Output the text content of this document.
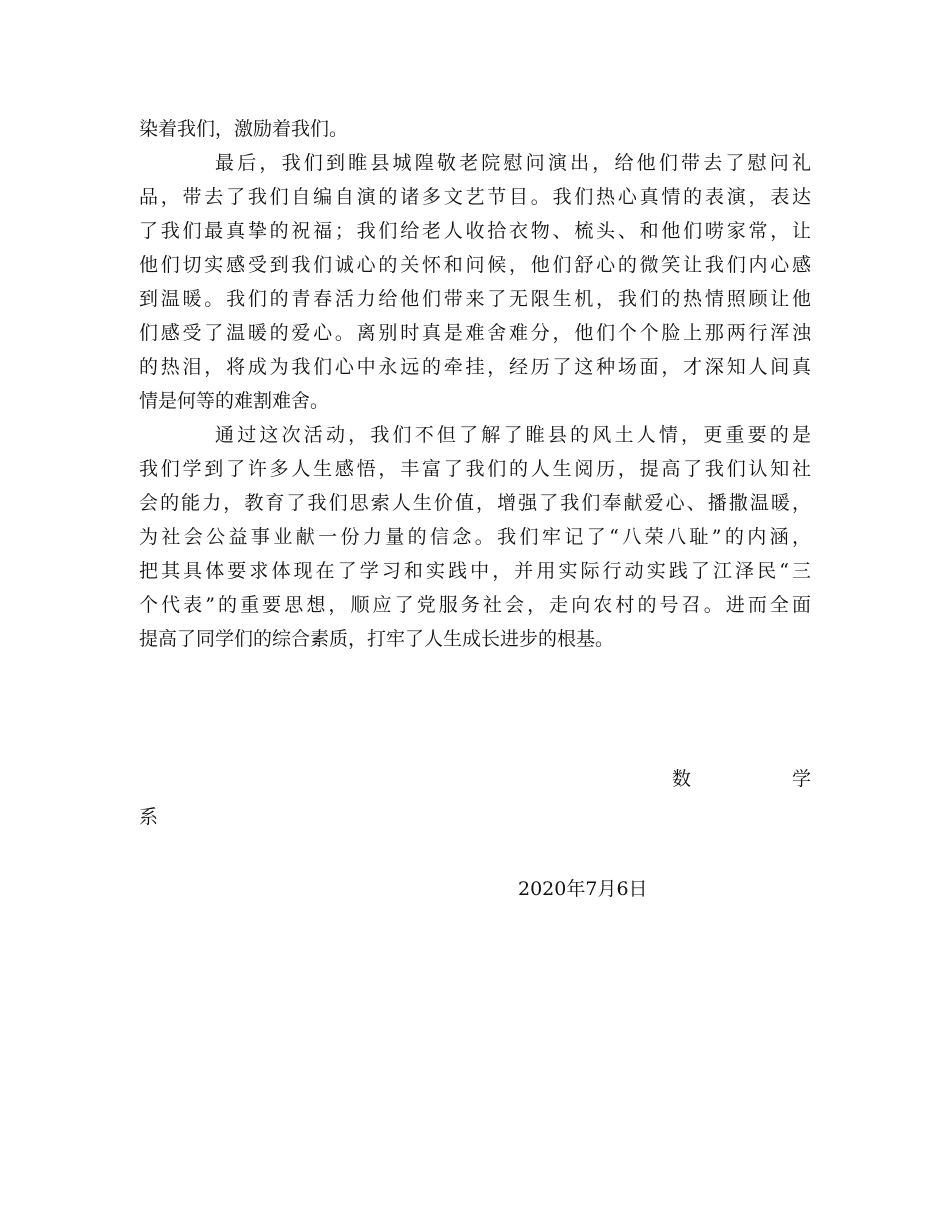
染着我们，激励着我们。
最后，我们到睢县城隍敬老院慰问演出，给他们带去了慰问礼
品，带去了我们自编自演的诸多文艺节目。我们热心真情的表演，表达
了我们最真挚的祝福；我们给老人收拾衣物、梳头、和他们唠家常，让
他们切实感受到我们诚心的关怀和问候，他们舒心的微笑让我们内心感
到温暖。我们的青春活力给他们带来了无限生机，我们的热情照顾让他
们感受了温暖的爱心。离别时真是难舍难分，他们个个脸上那两行浑浊
的热泪，将成为我们心中永远的牵挂，经历了这种场面，才深知人间真
情是何等的难割难舍。
通过这次活动，我们不但了解了睢县的风土人情，更重要的是
我们学到了许多人生感悟，丰富了我们的人生阅历，提高了我们认知社
会的能力，教育了我们思索人生价值，增强了我们奉献爱心、播撒温暖，
为社会公益事业献一份力量的信念。我们牢记了“八荣八耻”的内涵，
把其具体要求体现在了学习和实践中，并用实际行动实践了江泽民“三
个代表”的重要思想，顺应了党服务社会，走向农村的号召。进而全面
提高了同学们的综合素质，打牢了人生成长进步的根基。
数	学
系
2020年7月6日
